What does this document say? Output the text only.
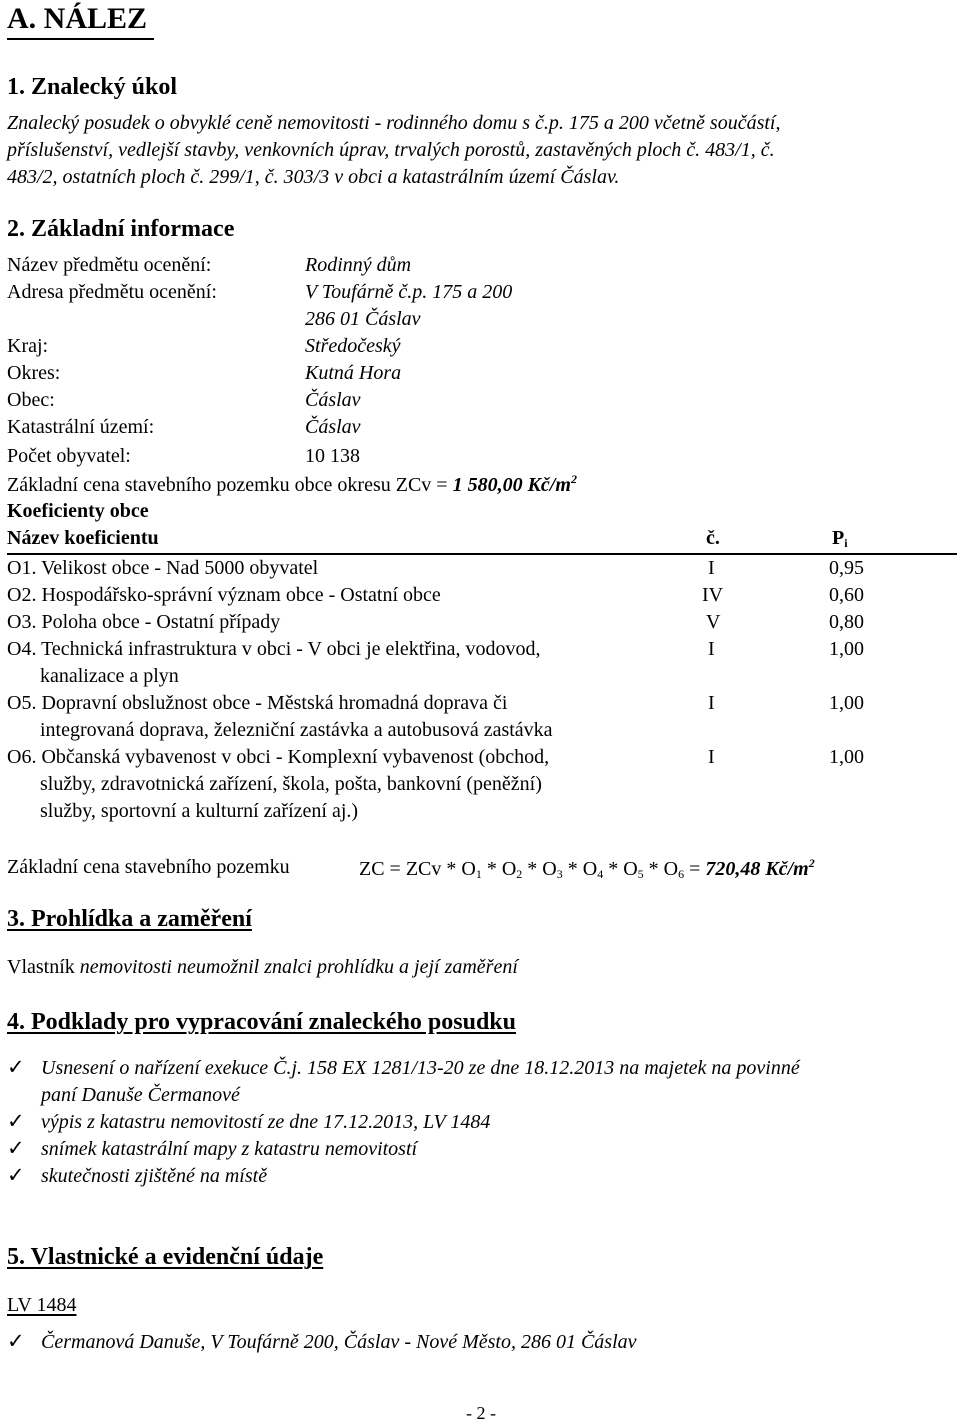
A. NÁLEZ
1. Znalecký úkol
Znalecký posudek o obvyklé ceně nemovitosti - rodinného domu s č.p. 175 a 200 včetně součástí,
příslušenství, vedlejší stavby, venkovních úprav, trvalých porostů, zastavěných ploch č. 483/1, č.
483/2, ostatních ploch č. 299/1, č. 303/3 v obci a katastrálním území Čáslav.
2. Základní informace
Název předmětu ocenění:	Rodinný dům
Adresa předmětu ocenění:	V Toufárně č.p. 175 a 200
286 01 Čáslav
Kraj:	Středočeský
Okres:	Kutná Hora
Obec:	Čáslav
Katastrální území:	Čáslav
Počet obyvatel:	10 138
Základní cena stavebního pozemku obce okresu ZCv = 1 580,00 $Kč/m^2$
Koeficienty obce
Název koeficientu	č.	$P_i$
O1. Velikost obce - Nad 5000 obyvatel	I	0,95
O2. Hospodářsko-správní význam obce - Ostatní obce	IV	0,60
O3. Poloha obce - Ostatní případy	V	0,80
O4. Technická infrastruktura v obci - V obci je elektřina, vodovod,
kanalizace a plyn
I	1,00
O5. Dopravní obslužnost obce - Městská hromadná doprava či
integrovaná doprava, železniční zastávka a autobusová zastávka
I	1,00
O6. Občanská vybavenost v obci - Komplexní vybavenost (obchod,
služby, zdravotnická zařízení, škola, pošta, bankovní (peněžní)
služby, sportovní a kulturní zařízení aj.)
I	1,00
Základní cena stavebního pozemku	ZC = ZCv * $O_1 * O_2 * O_3 * O_4 * O_5 * O_6 = 720,48$ $Kč/m^2$
3. Prohlídka a zaměření
Vlastník nemovitosti neumožnil znalci prohlídku a její zaměření
4. Podklady pro vypracování znaleckého posudku
✓ Usnesení o nařízení exekuce Č.j. 158 EX 1281/13-20 ze dne 18.12.2013 na majetek na povinné
paní Danuše Čermanové
✓ výpis z katastru nemovitostí ze dne 17.12.2013, LV 1484
✓ snímek katastrální mapy z katastru nemovitostí
✓ skutečnosti zjištěné na místě
5. Vlastnické a evidenční údaje
LV 1484
✓ Čermanová Danuše, V Toufárně 200, Čáslav - Nové Město, 286 01 Čáslav
- 2 -
